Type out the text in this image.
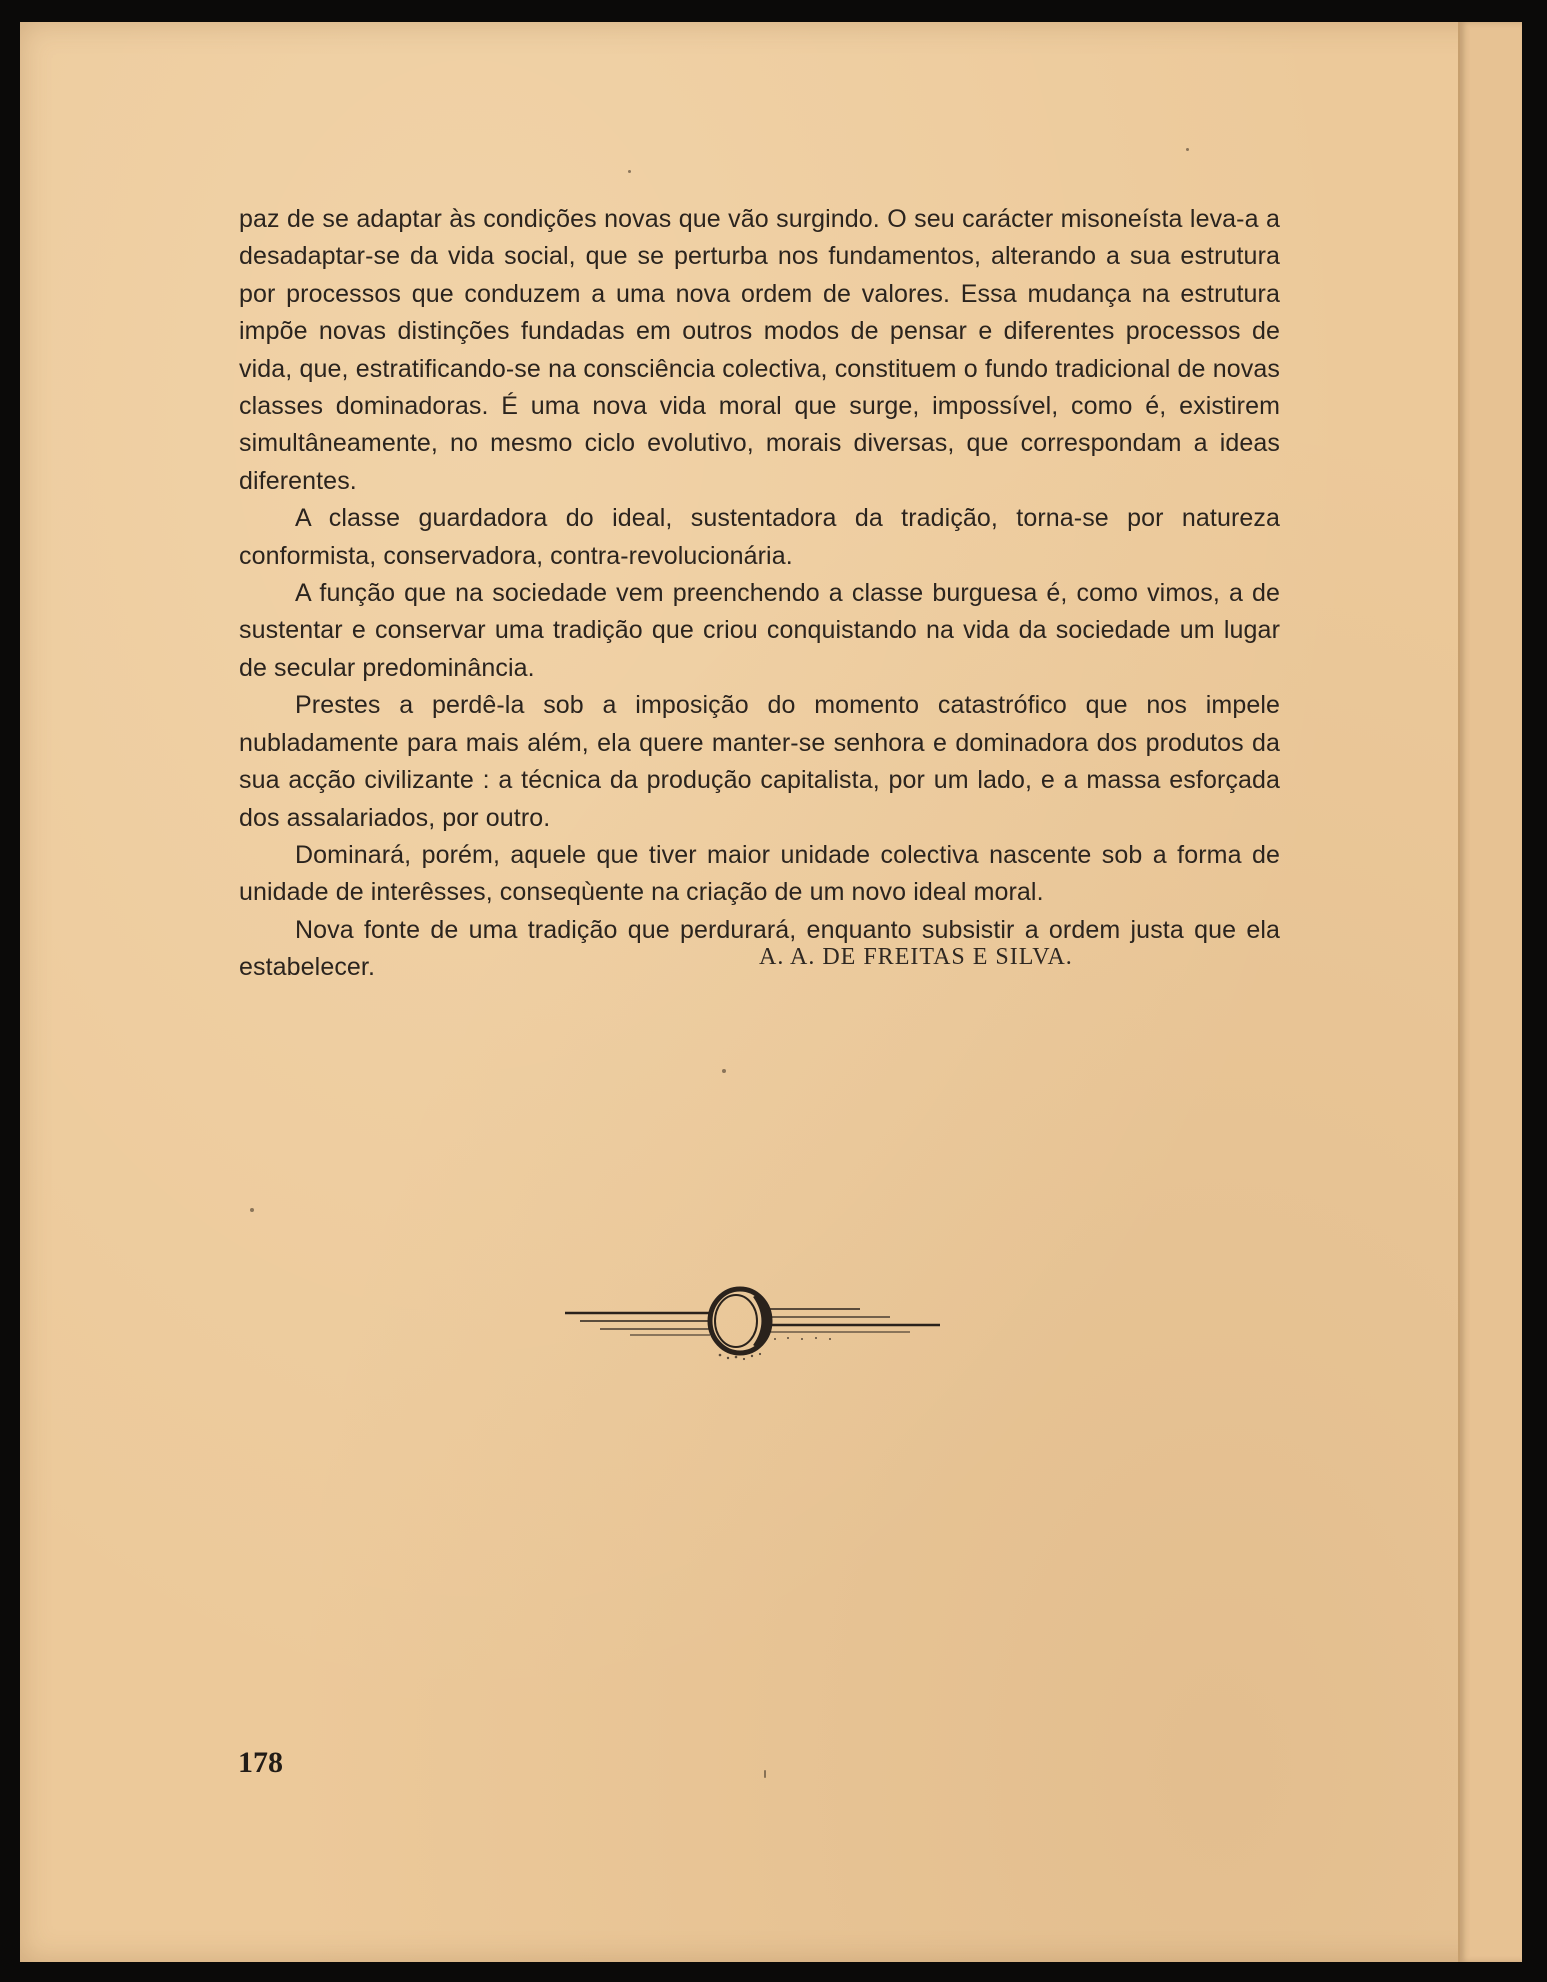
paz de se adaptar às condições novas que vão surgindo. O seu carácter misoneísta leva-a a desadaptar-se da vida social, que se perturba nos fundamentos, alterando a sua estrutura por processos que conduzem a uma nova ordem de valores. Essa mudança na estrutura impõe novas distinções fundadas em outros modos de pensar e diferentes processos de vida, que, estratificando-se na consciência colectiva, constituem o fundo tradicional de novas classes dominadoras. É uma nova vida moral que surge, impossível, como é, existirem simultâneamente, no mesmo ciclo evolutivo, morais diversas, que correspondam a ideas diferentes.

A classe guardadora do ideal, sustentadora da tradição, torna-se por natureza conformista, conservadora, contra-revolucionária.

A função que na sociedade vem preenchendo a classe burguesa é, como vimos, a de sustentar e conservar uma tradição que criou conquistando na vida da sociedade um lugar de secular predominância.

Prestes a perdê-la sob a imposição do momento catastrófico que nos impele nubladamente para mais além, ela quere manter-se senhora e dominadora dos produtos da sua acção civilizante : a técnica da produção capitalista, por um lado, e a massa esforçada dos assalariados, por outro.

Dominará, porém, aquele que tiver maior unidade colectiva nascente sob a forma de unidade de interêsses, conseqùente na criação de um novo ideal moral.

Nova fonte de uma tradição que perdurará, enquanto subsistir a ordem justa que ela estabelecer.	A. A. DE FREITAS E SILVA.
178
